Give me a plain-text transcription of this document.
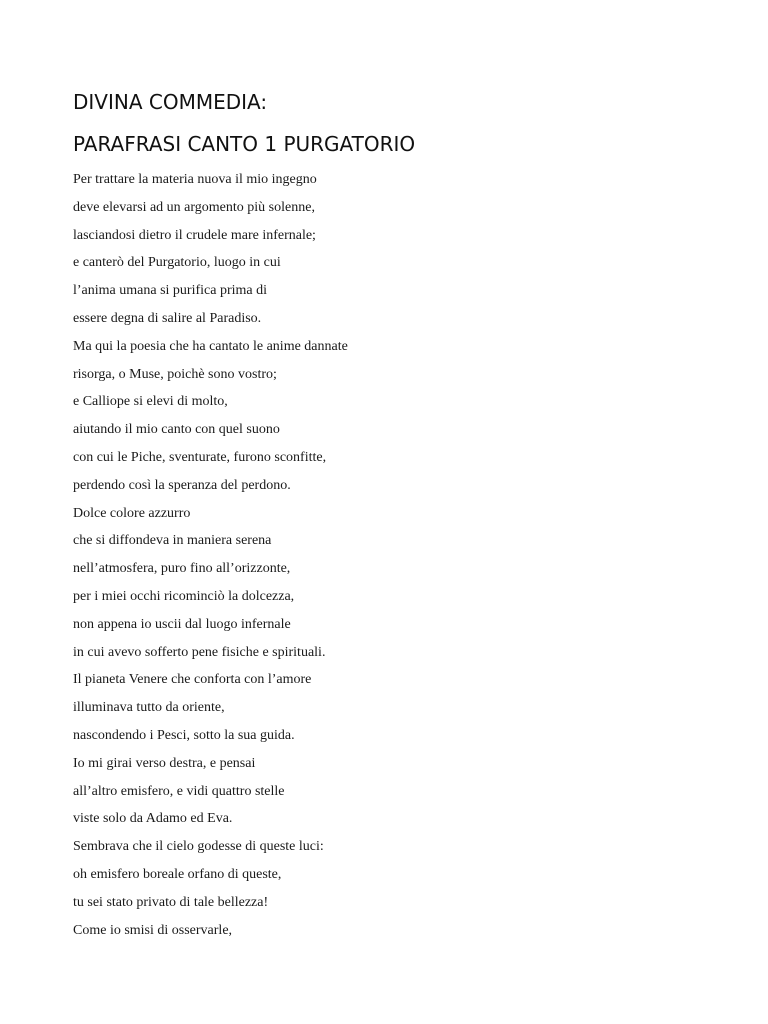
DIVINA COMMEDIA:
PARAFRASI CANTO 1 PURGATORIO
Per trattare la materia nuova il mio ingegno
deve elevarsi ad un argomento più solenne,
lasciandosi dietro il crudele mare infernale;
e canterò del Purgatorio, luogo in cui
l’anima umana si purifica prima di
essere degna di salire al Paradiso.
Ma qui la poesia che ha cantato le anime dannate
risorga, o Muse, poichè sono vostro;
e Calliope si elevi di molto,
aiutando il mio canto con quel suono
con cui le Piche, sventurate, furono sconfitte,
perdendo così la speranza del perdono.
Dolce colore azzurro
che si diffondeva in maniera serena
nell’atmosfera, puro fino all’orizzonte,
per i miei occhi ricominciò la dolcezza,
non appena io uscii dal luogo infernale
in cui avevo sofferto pene fisiche e spirituali.
Il pianeta Venere che conforta con l’amore
illuminava tutto da oriente,
nascondendo i Pesci, sotto la sua guida.
Io mi girai verso destra, e pensai
all’altro emisfero, e vidi quattro stelle
viste solo da Adamo ed Eva.
Sembrava che il cielo godesse di queste luci:
oh emisfero boreale orfano di queste,
tu sei stato privato di tale bellezza!
Come io smisi di osservarle,
